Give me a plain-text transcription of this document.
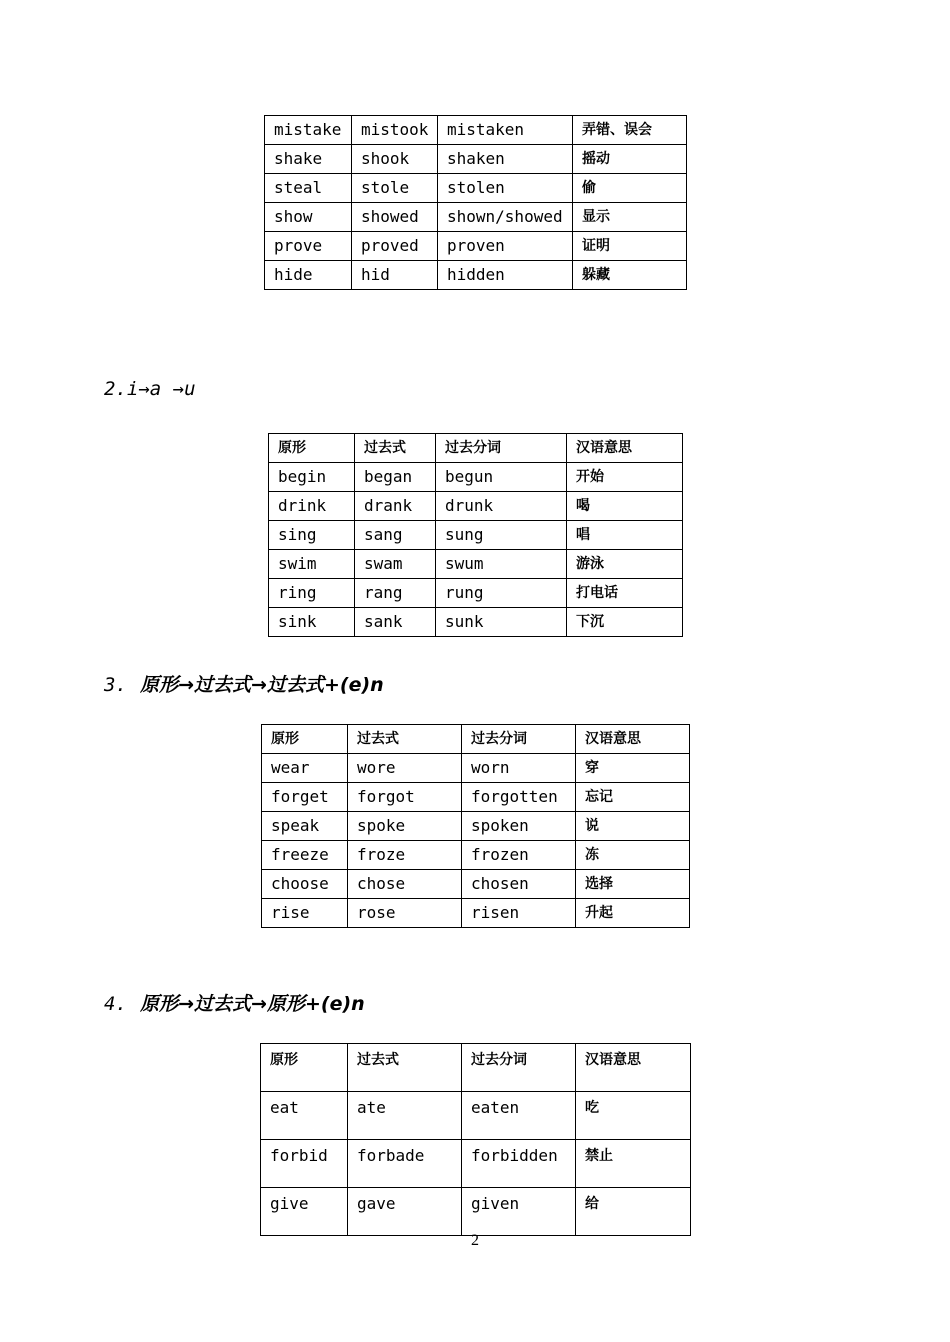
mistake	mistook	mistaken	弄错、误会
shake	shook	shaken	摇动
steal	stole	stolen	偷
show	showed	shown/showed	显示
prove	proved	proven	证明
hide	hid	hidden	躲藏
2.i→a →u
原形	过去式	过去分词	汉语意思
begin	began	begun	开始
drink	drank	drunk	喝
sing	sang	sung	唱
swim	swam	swum	游泳
ring	rang	rung	打电话
sink	sank	sunk	下沉
3. 原形→过去式→过去式+(e)n
原形	过去式	过去分词	汉语意思
wear	wore	worn	穿
forget	forgot	forgotten	忘记
speak	spoke	spoken	说
freeze	froze	frozen	冻
choose	chose	chosen	选择
rise	rose	risen	升起
4. 原形→过去式→原形+(e)n
原形	过去式	过去分词	汉语意思
eat	ate	eaten	吃
forbid	forbade	forbidden	禁止
give	gave	given	给
2
